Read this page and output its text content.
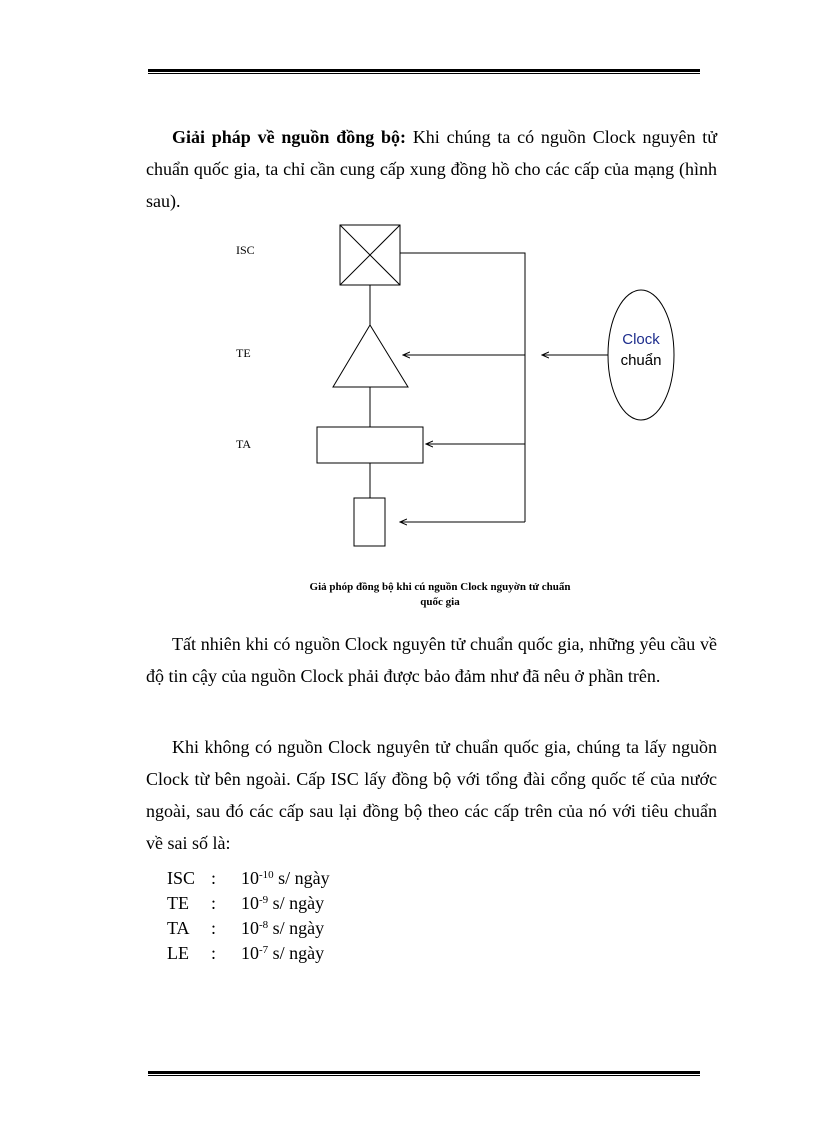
Giải pháp về nguồn đồng bộ: Khi chúng ta có nguồn Clock nguyên tử chuẩn quốc gia, ta chỉ cần cung cấp xung đồng hồ cho các cấp của mạng (hình sau).

Clock
chuẩn
ISC
TE
TA
Giả phóp đồng bộ khi cú nguồn Clock nguyờn tử chuẩn
quốc gia

Tất nhiên khi có nguồn Clock nguyên tử chuẩn quốc gia, những yêu cầu về độ tin cậy của nguồn Clock phải được bảo đảm như đã nêu ở phần trên.

Khi không có nguồn Clock nguyên tử chuẩn quốc gia, chúng ta lấy nguồn Clock từ bên ngoài. Cấp ISC lấy đồng bộ với tổng đài cổng quốc tế của nước ngoài, sau đó các cấp sau lại đồng bộ theo các cấp trên của nó với tiêu chuẩn về sai số là:

ISC : $10^{-10}$ s/ ngày
TE : $10^{-9}$ s/ ngày
TA : $10^{-8}$ s/ ngày
LE : $10^{-7}$ s/ ngày
